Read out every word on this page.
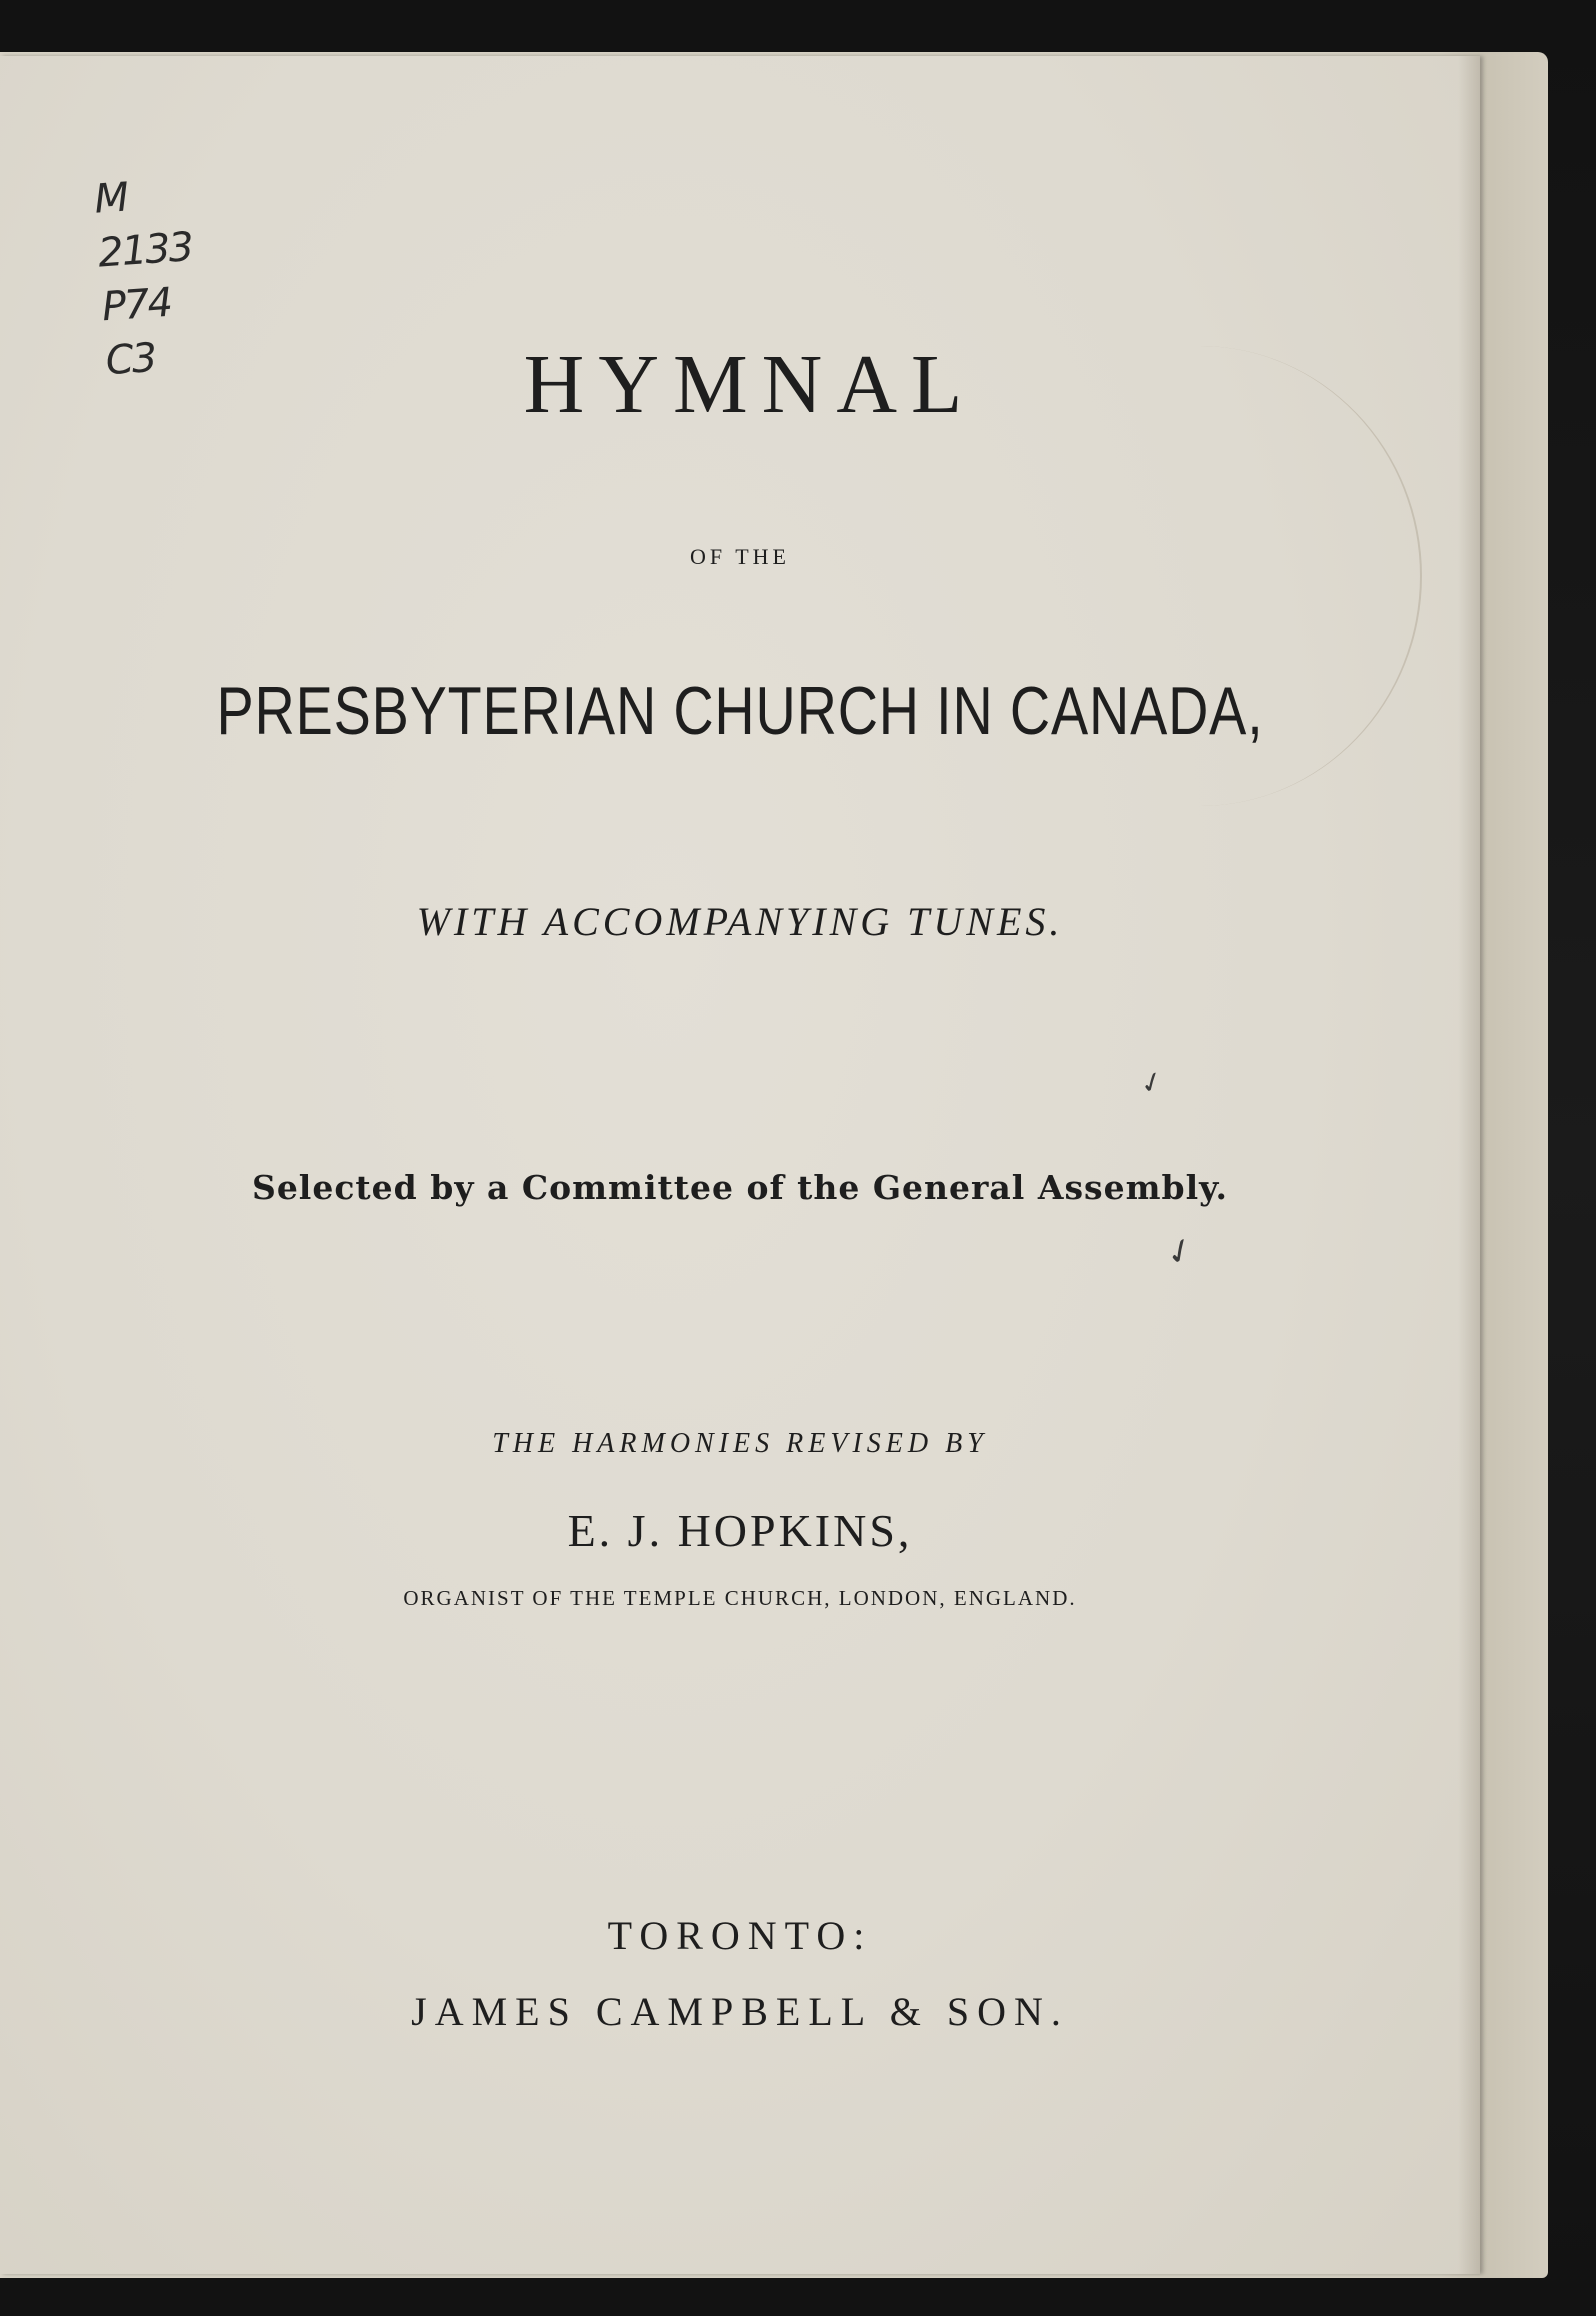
M
2133
P74
C3	HYMNAL
OF THE
PRESBYTERIAN CHURCH IN CANADA,
WITH ACCOMPANYING TUNES.
Selected by a Committee of the General Assembly.
THE HARMONIES REVISED BY
E. J. HOPKINS,
ORGANIST OF THE TEMPLE CHURCH, LONDON, ENGLAND.
TORONTO:
JAMES CAMPBELL & SON.
✓
✓
